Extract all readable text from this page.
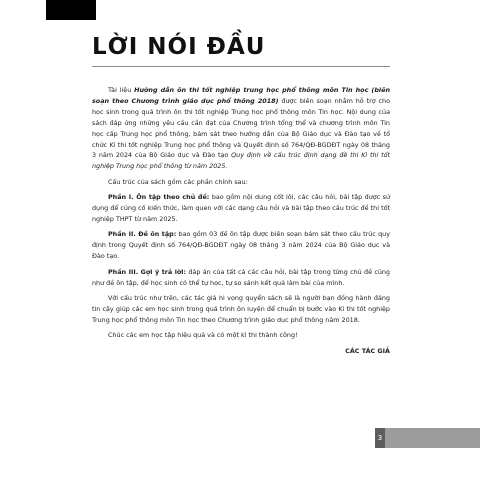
LỜI NÓI ĐẦU

Tài liệu Hướng dẫn ôn thi tốt nghiệp trung học phổ thông môn Tin học (biên soạn theo Chương trình giáo dục phổ thông 2018) được biên soạn nhằm hỗ trợ cho học sinh trong quá trình ôn thi tốt nghiệp Trung học phổ thông môn Tin học. Nội dung của sách đáp ứng những yêu cầu cần đạt của Chương trình tổng thể và chương trình môn Tin học cấp Trung học phổ thông, bám sát theo hướng dẫn của Bộ Giáo dục và Đào tạo về tổ chức Kì thi tốt nghiệp Trung học phổ thông và Quyết định số 764/QĐ-BGDĐT ngày 08 tháng 3 năm 2024 của Bộ Giáo dục và Đào tạo Quy định về cấu trúc định dạng đề thi Kì thi tốt nghiệp Trung học phổ thông từ năm 2025.

Cấu trúc của sách gồm các phần chính sau:

Phần I. Ôn tập theo chủ đề: bao gồm nội dung cốt lõi, các câu hỏi, bài tập được sử dụng để củng cố kiến thức, làm quen với các dạng câu hỏi và bài tập theo cấu trúc đề thi tốt nghiệp THPT từ năm 2025.

Phần II. Đề ôn tập: bao gồm 03 đề ôn tập được biên soạn bám sát theo cấu trúc quy định trong Quyết định số 764/QĐ-BGDĐT ngày 08 tháng 3 năm 2024 của Bộ Giáo dục và Đào tạo.

Phần III. Gợi ý trả lời: đáp án của tất cả các câu hỏi, bài tập trong từng chủ đề cũng như đề ôn tập, để học sinh có thể tự học, tự so sánh kết quả làm bài của mình.

Với cấu trúc như trên, các tác giả hi vọng quyển sách sẽ là người bạn đồng hành đáng tin cậy giúp các em học sinh trong quá trình ôn luyện để chuẩn bị bước vào Kì thi tốt nghiệp Trung học phổ thông môn Tin học theo Chương trình giáo dục phổ thông năm 2018.

Chúc các em học tập hiệu quả và có một kì thi thành công!

CÁC TÁC GIẢ
3
